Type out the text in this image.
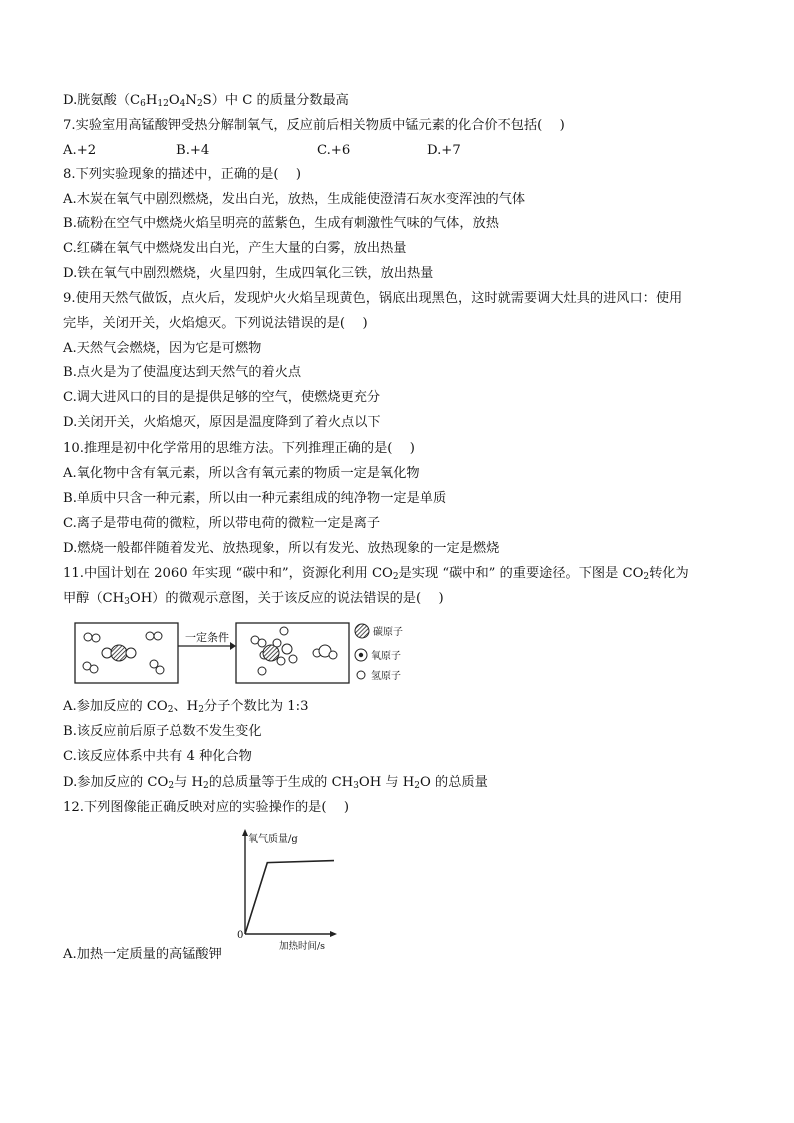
D.胱氨酸$(C_6H_{12}O_4N_2S)$中 C 的质量分数最高
7.实验室用高锰酸钾受热分解制氧气，反应前后相关物质中锰元素的化合价不包括(　 )
A.+2	B.+4	C.+6	D.+7
8.下列实验现象的描述中，正确的是(　 )
A.木炭在氧气中剧烈燃烧，发出白光，放热，生成能使澄清石灰水变浑浊的气体
B.硫粉在空气中燃烧火焰呈明亮的蓝紫色，生成有刺激性气味的气体，放热
C.红磷在氧气中燃烧发出白光，产生大量的白雾，放出热量
D.铁在氧气中剧烈燃烧，火星四射，生成四氧化三铁，放出热量
9.使用天然气做饭，点火后，发现炉火火焰呈现黄色，锅底出现黑色，这时就需要调大灶具的进风口：使用
完毕，关闭开关，火焰熄灭。下列说法错误的是(　 )
A.天然气会燃烧，因为它是可燃物
B.点火是为了使温度达到天然气的着火点
C.调大进风口的目的是提供足够的空气，使燃烧更充分
D.关闭开关，火焰熄灭，原因是温度降到了着火点以下
10.推理是初中化学常用的思维方法。下列推理正确的是(　 )
A.氧化物中含有氧元素，所以含有氧元素的物质一定是氧化物
B.单质中只含一种元素，所以由一种元素组成的纯净物一定是单质
C.离子是带电荷的微粒，所以带电荷的微粒一定是离子
D.燃烧一般都伴随着发光、放热现象，所以有发光、放热现象的一定是燃烧
11.中国计划在 2060 年实现 “碳中和”，资源化利用 $CO_2$是实现 “碳中和” 的重要途径。下图是 $CO_2$转化为
甲醇$(CH_3OH)$的微观示意图，关于该反应的说法错误的是(　 )
一定条件	碳原子
氧原子
氢原子
A.参加反应的 $CO_2$、$H_2$分子个数比为 1:3
B.该反应前后原子总数不发生变化
C.该反应体系中共有 4 种化合物
D.参加反应的 $CO_2$与 $H_2$的总质量等于生成的 $CH_3OH$ 与 $H_2O$ 的总质量
12.下列图像能正确反映对应的实验操作的是(　 )
氧气质量/g
加热时间/s
0
A.加热一定质量的高锰酸钾
